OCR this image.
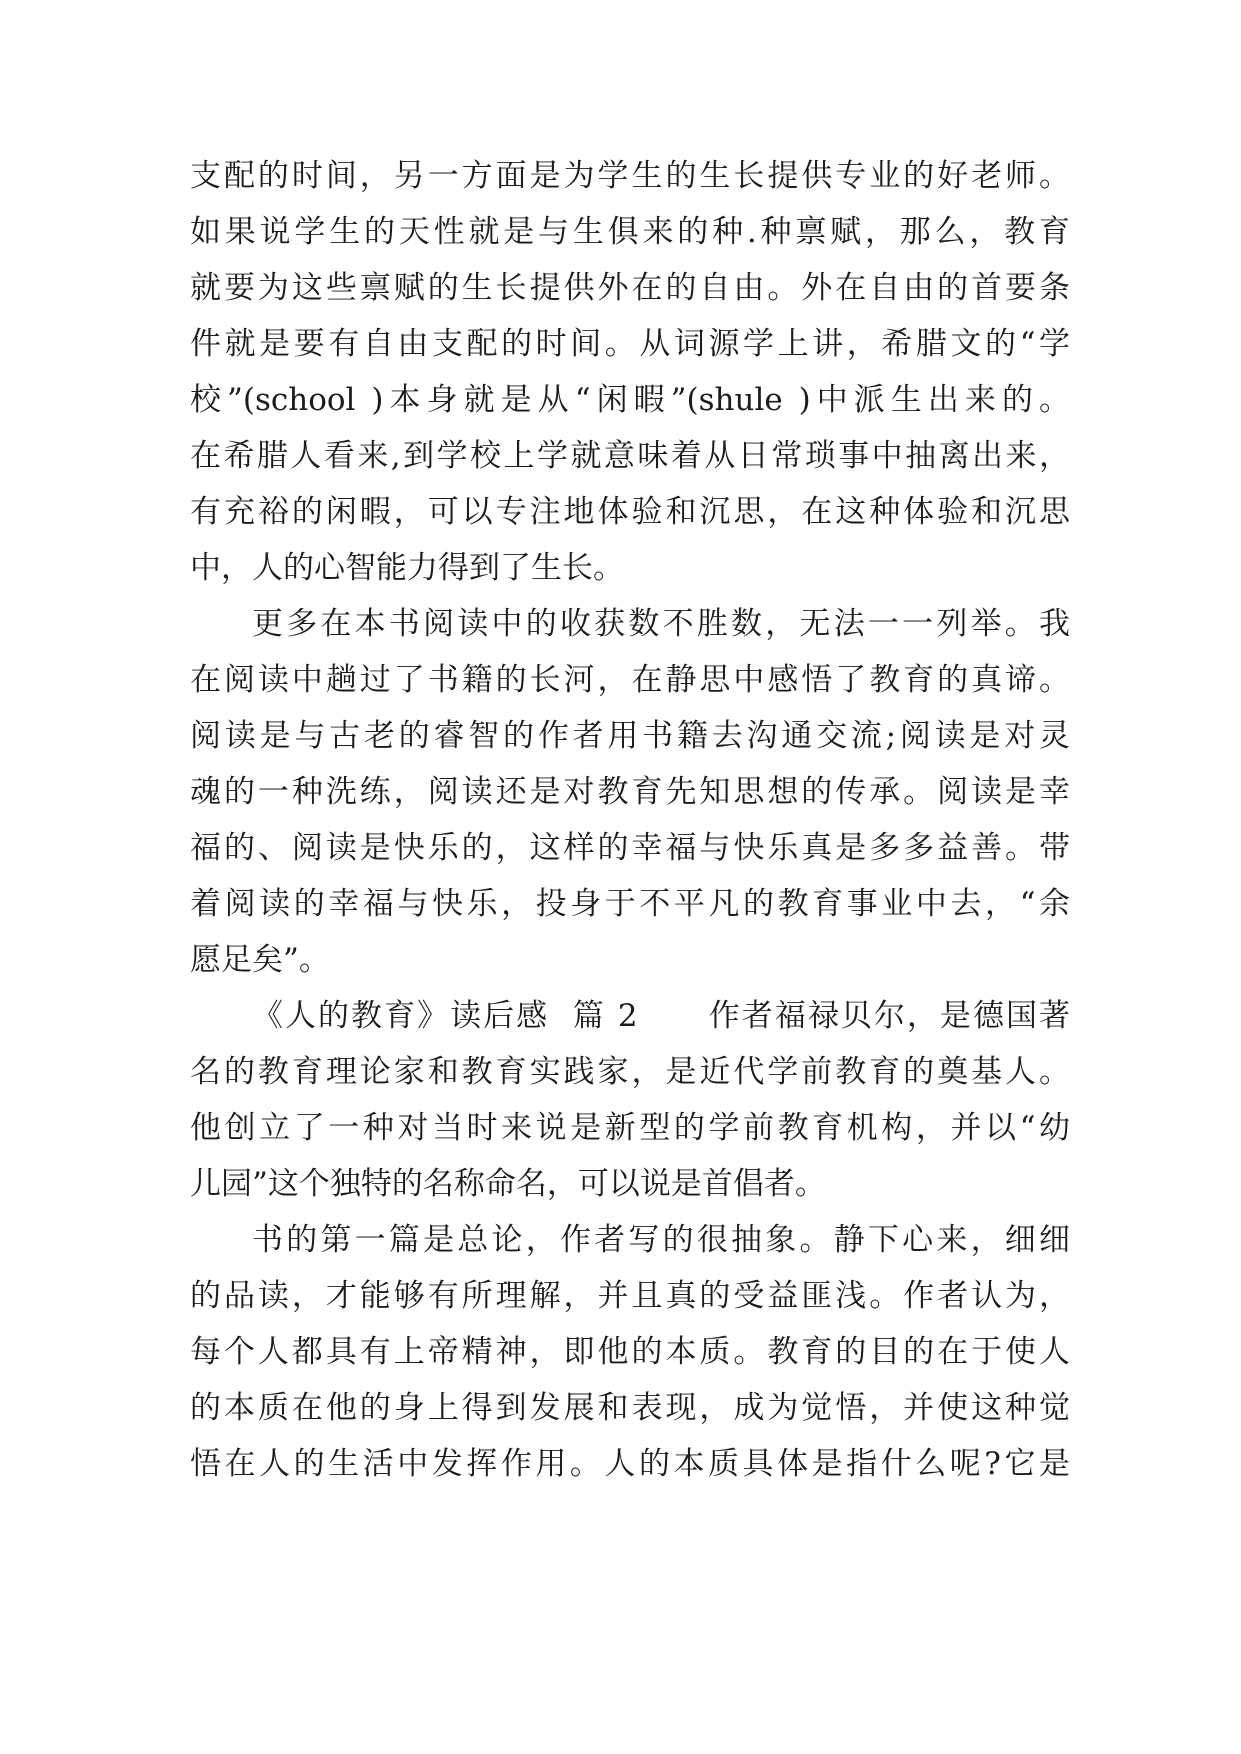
支配的时间，另一方面是为学生的生长提供专业的好老师。
如果说学生的天性就是与生俱来的种.种禀赋，那么，教育
就要为这些禀赋的生长提供外在的自由。外在自由的首要条
件就是要有自由支配的时间。从词源学上讲，希腊文的“学
校”(school )本身就是从“闲暇”(shule )中派生出来的。
在希腊人看来,到学校上学就意味着从日常琐事中抽离出来，
有充裕的闲暇，可以专注地体验和沉思，在这种体验和沉思
中，人的心智能力得到了生长。
更多在本书阅读中的收获数不胜数，无法一一列举。我
在阅读中趟过了书籍的长河，在静思中感悟了教育的真谛。
阅读是与古老的睿智的作者用书籍去沟通交流;阅读是对灵
魂的一种洗练，阅读还是对教育先知思想的传承。阅读是幸
福的、阅读是快乐的，这样的幸福与快乐真是多多益善。带
着阅读的幸福与快乐，投身于不平凡的教育事业中去，“余
愿足矣”。
《人的教育》读后感  篇 2      作者福禄贝尔，是德国著
名的教育理论家和教育实践家，是近代学前教育的奠基人。
他创立了一种对当时来说是新型的学前教育机构，并以“幼
儿园”这个独特的名称命名，可以说是首倡者。
书的第一篇是总论，作者写的很抽象。静下心来，细细
的品读，才能够有所理解，并且真的受益匪浅。作者认为，
每个人都具有上帝精神，即他的本质。教育的目的在于使人
的本质在他的身上得到发展和表现，成为觉悟，并使这种觉
悟在人的生活中发挥作用。人的本质具体是指什么呢?它是
